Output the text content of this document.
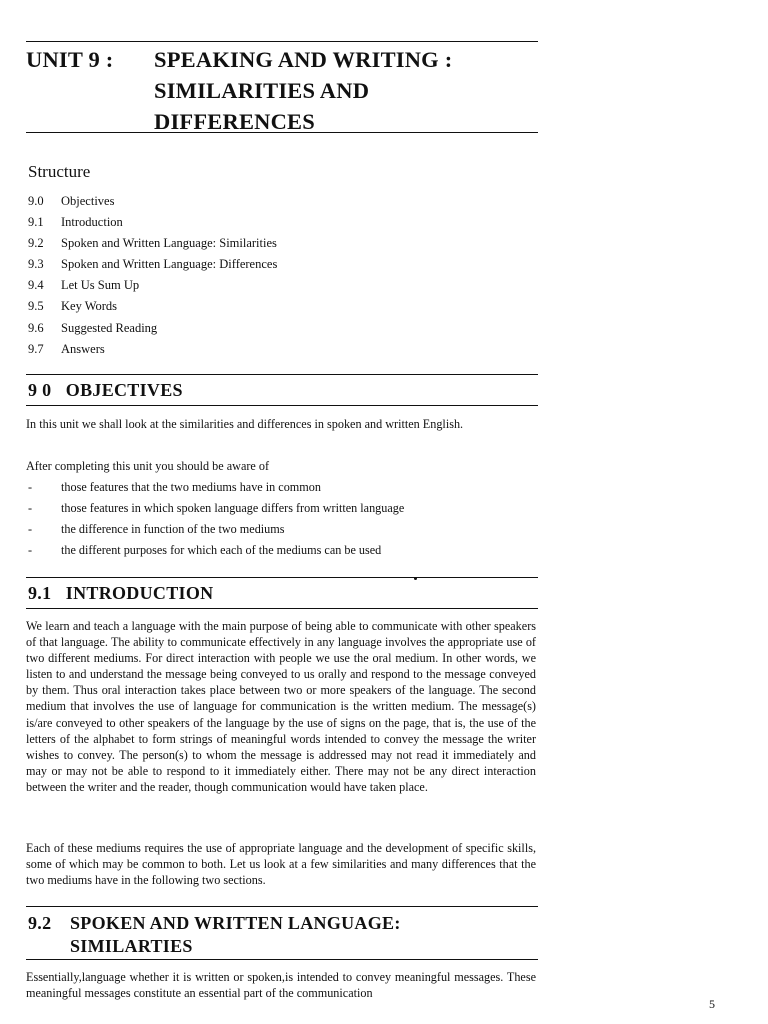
UNIT 9 : SPEAKING AND WRITING :
SIMILARITIES AND
DIFFERENCES
Structure
9.0 Objectives
9.1 Introduction
9.2 Spoken and Written Language: Similarities
9.3 Spoken and Written Language: Differences
9.4 Let Us Sum Up
9.5 Key Words
9.6 Suggested Reading
9.7 Answers
9 0   OBJECTIVES
In this unit we shall look at the similarities and differences in spoken and written English.
After completing this unit you should be aware of
- those features that the two mediums have in common
- those features in which spoken language differs from written language
- the difference in function of the two mediums
- the different purposes for which each of the mediums can be used
9.1   INTRODUCTION
We learn and teach a language with the main purpose of being able to communicate with other speakers of that language. The ability to communicate effectively in any language involves the appropriate use of two different mediums. For direct interaction with people we use the oral medium. In other words, we listen to and understand the message being conveyed to us orally and respond to the message conveyed by them. Thus oral interaction takes place between two or more speakers of the language. The second medium that involves the use of language for communication is the written medium. The message(s) is/are conveyed to other speakers of the language by the use of signs on the page, that is, the use of the letters of the alphabet to form strings of meaningful words intended to convey the message the writer wishes to convey. The person(s) to whom the message is addressed may not read it immediately and may or may not be able to respond to it immediately either. There may not be any direct interaction between the writer and the reader, though communication would have taken place.
Each of these mediums requires the use of appropriate language and the development of specific skills, some of which may be common to both. Let us look at a few similarities and many differences that the two mediums have in the following two sections.
9.2 SPOKEN AND WRITTEN LANGUAGE:
SIMILARTIES
Essentially,language whether it is written or spoken,is intended to convey meaningful messages. These meaningful messages constitute an essential part of the communication
5
